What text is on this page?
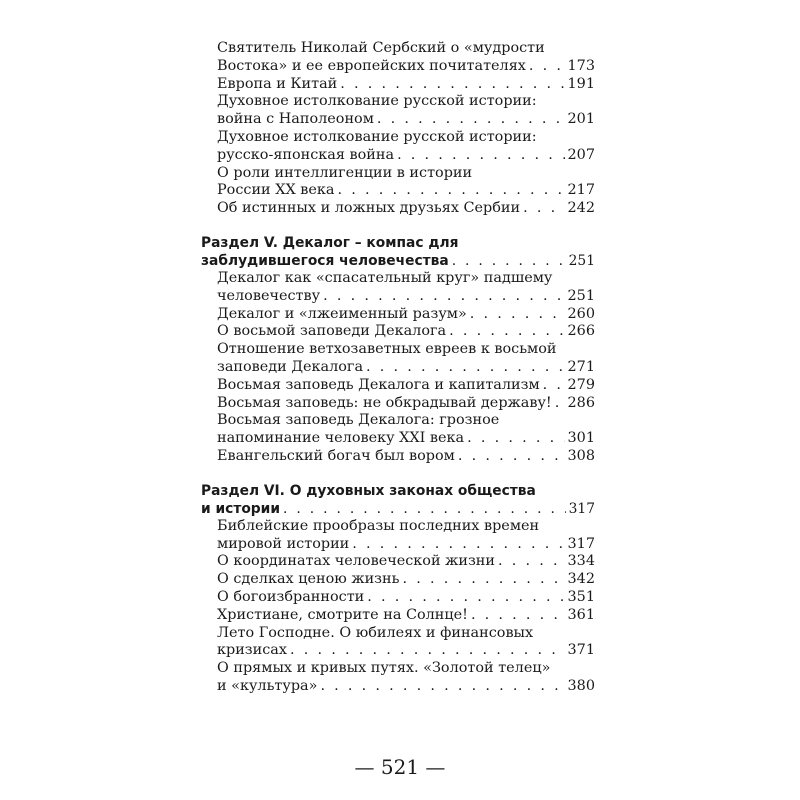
Святитель Николай Сербский о «мудрости
Востока» и ее европейских почитателях . . .	173
Европа и Китай . . .	191
Духовное истолкование русской истории:
война с Наполеоном . . .	201
Духовное истолкование русской истории:
русско-японская война . . .	207
О роли интеллигенции в истории
России XX века . . .	217
Об истинных и ложных друзьях Сербии . . .	242
Раздел V. Декалог – компас для
заблудившегося человечества . . .	251
Декалог как «спасательный круг» падшему
человечеству . . .	251
Декалог и «лжеименный разум» . . .	260
О восьмой заповеди Декалога . . .	266
Отношение ветхозаветных евреев к восьмой
заповеди Декалога . . .	271
Восьмая заповедь Декалога и капитализм . . . 279
Восьмая заповедь: не обкрадывай державу! . . . 286
Восьмая заповедь Декалога: грозное
напоминание человеку XXI века . . .	301
Евангельский богач был вором . . .	308
Раздел VI. О духовных законах общества
и истории . . .	317
Библейские прообразы последних времен
мировой истории . . .	317
О координатах человеческой жизни . . .	334
О сделках ценою жизнь . . .	342
О богоизбранности . . .	351
Христиане, смотрите на Солнце! . . .	361
Лето Господне. О юбилеях и финансовых
кризисах . . .	371
О прямых и кривых путях. «Золотой телец»
и «культура» . . .	380
— 521 —
